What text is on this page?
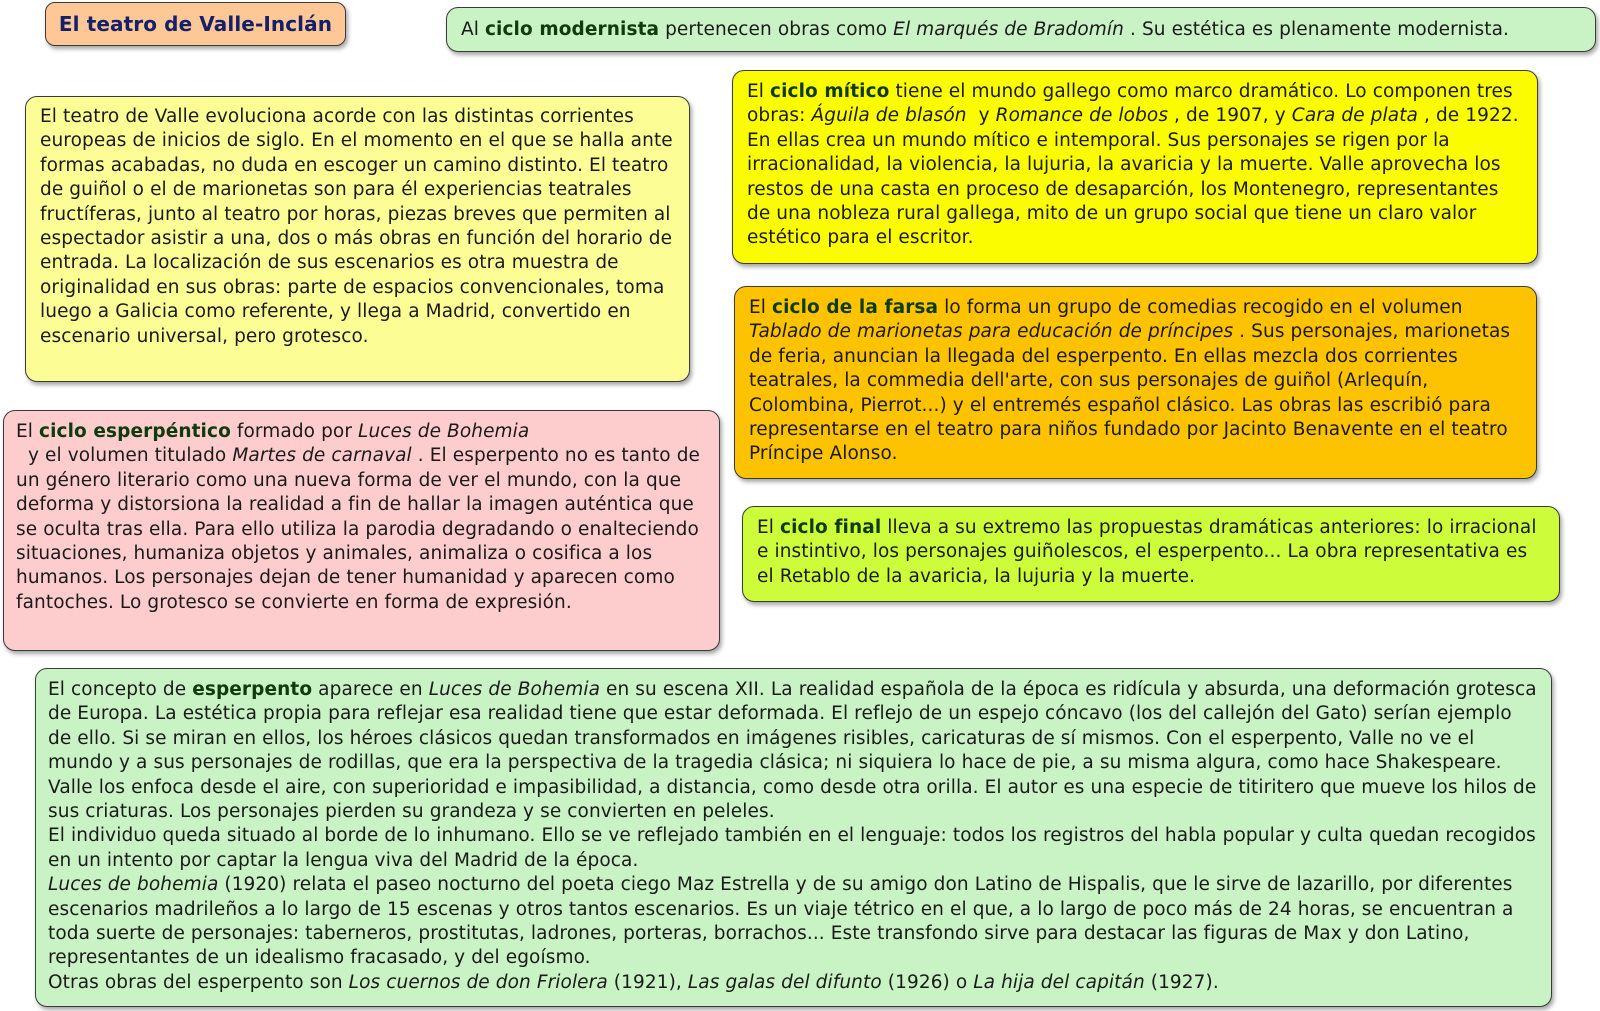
El teatro de Valle-Inclán	Al ciclo modernista pertenecen obras como El marqués de Bradomín . Su estética es plenamente modernista.

El teatro de Valle evoluciona acorde con las distintas corrientes europeas de inicios de siglo. En el momento en el que se halla ante formas acabadas, no duda en escoger un camino distinto. El teatro de guiñol o el de marionetas son para él experiencias teatrales fructíferas, junto al teatro por horas, piezas breves que permiten al espectador asistir a una, dos o más obras en función del horario de entrada. La localización de sus escenarios es otra muestra de originalidad en sus obras: parte de espacios convencionales, toma luego a Galicia como referente, y llega a Madrid, convertido en escenario universal, pero grotesco.

El ciclo mítico tiene el mundo gallego como marco dramático. Lo componen tres obras: Águila de blasón  y Romance de lobos , de 1907, y Cara de plata , de 1922. En ellas crea un mundo mítico e intemporal. Sus personajes se rigen por la irracionalidad, la violencia, la lujuria, la avaricia y la muerte. Valle aprovecha los restos de una casta en proceso de desaparción, los Montenegro, representantes de una nobleza rural gallega, mito de un grupo social que tiene un claro valor estético para el escritor.

El ciclo de la farsa lo forma un grupo de comedias recogido en el volumen Tablado de marionetas para educación de príncipes . Sus personajes, marionetas de feria, anuncian la llegada del esperpento. En ellas mezcla dos corrientes teatrales, la commedia dell'arte, con sus personajes de guiñol (Arlequín, Colombina, Pierrot...) y el entremés español clásico. Las obras las escribió para representarse en el teatro para niños fundado por Jacinto Benavente en el teatro Príncipe Alonso.

El ciclo esperpéntico formado por Luces de Bohemia  y el volumen titulado Martes de carnaval . El esperpento no es tanto de un género literario como una nueva forma de ver el mundo, con la que deforma y distorsiona la realidad a fin de hallar la imagen auténtica que se oculta tras ella. Para ello utiliza la parodia degradando o enalteciendo situaciones, humaniza objetos y animales, animaliza o cosifica a los humanos. Los personajes dejan de tener humanidad y aparecen como fantoches. Lo grotesco se convierte en forma de expresión.

El ciclo final lleva a su extremo las propuestas dramáticas anteriores: lo irracional e instintivo, los personajes guiñolescos, el esperpento... La obra representativa es el Retablo de la avaricia, la lujuria y la muerte.

El concepto de esperpento aparece en Luces de Bohemia en su escena XII. La realidad española de la época es ridícula y absurda, una deformación grotesca de Europa. La estética propia para reflejar esa realidad tiene que estar deformada. El reflejo de un espejo cóncavo (los del callejón del Gato) serían ejemplo de ello. Si se miran en ellos, los héroes clásicos quedan transformados en imágenes risibles, caricaturas de sí mismos. Con el esperpento, Valle no ve el mundo y a sus personajes de rodillas, que era la perspectiva de la tragedia clásica; ni siquiera lo hace de pie, a su misma algura, como hace Shakespeare. Valle los enfoca desde el aire, con superioridad e impasibilidad, a distancia, como desde otra orilla. El autor es una especie de titiritero que mueve los hilos de sus criaturas. Los personajes pierden su grandeza y se convierten en peleles.
El individuo queda situado al borde de lo inhumano. Ello se ve reflejado también en el lenguaje: todos los registros del habla popular y culta quedan recogidos en un intento por captar la lengua viva del Madrid de la época.
Luces de bohemia (1920) relata el paseo nocturno del poeta ciego Maz Estrella y de su amigo don Latino de Hispalis, que le sirve de lazarillo, por diferentes escenarios madrileños a lo largo de 15 escenas y otros tantos escenarios. Es un viaje tétrico en el que, a lo largo de poco más de 24 horas, se encuentran a toda suerte de personajes: taberneros, prostitutas, ladrones, porteras, borrachos... Este transfondo sirve para destacar las figuras de Max y don Latino, representantes de un idealismo fracasado, y del egoísmo.
Otras obras del esperpento son Los cuernos de don Friolera (1921), Las galas del difunto (1926) o La hija del capitán (1927).
